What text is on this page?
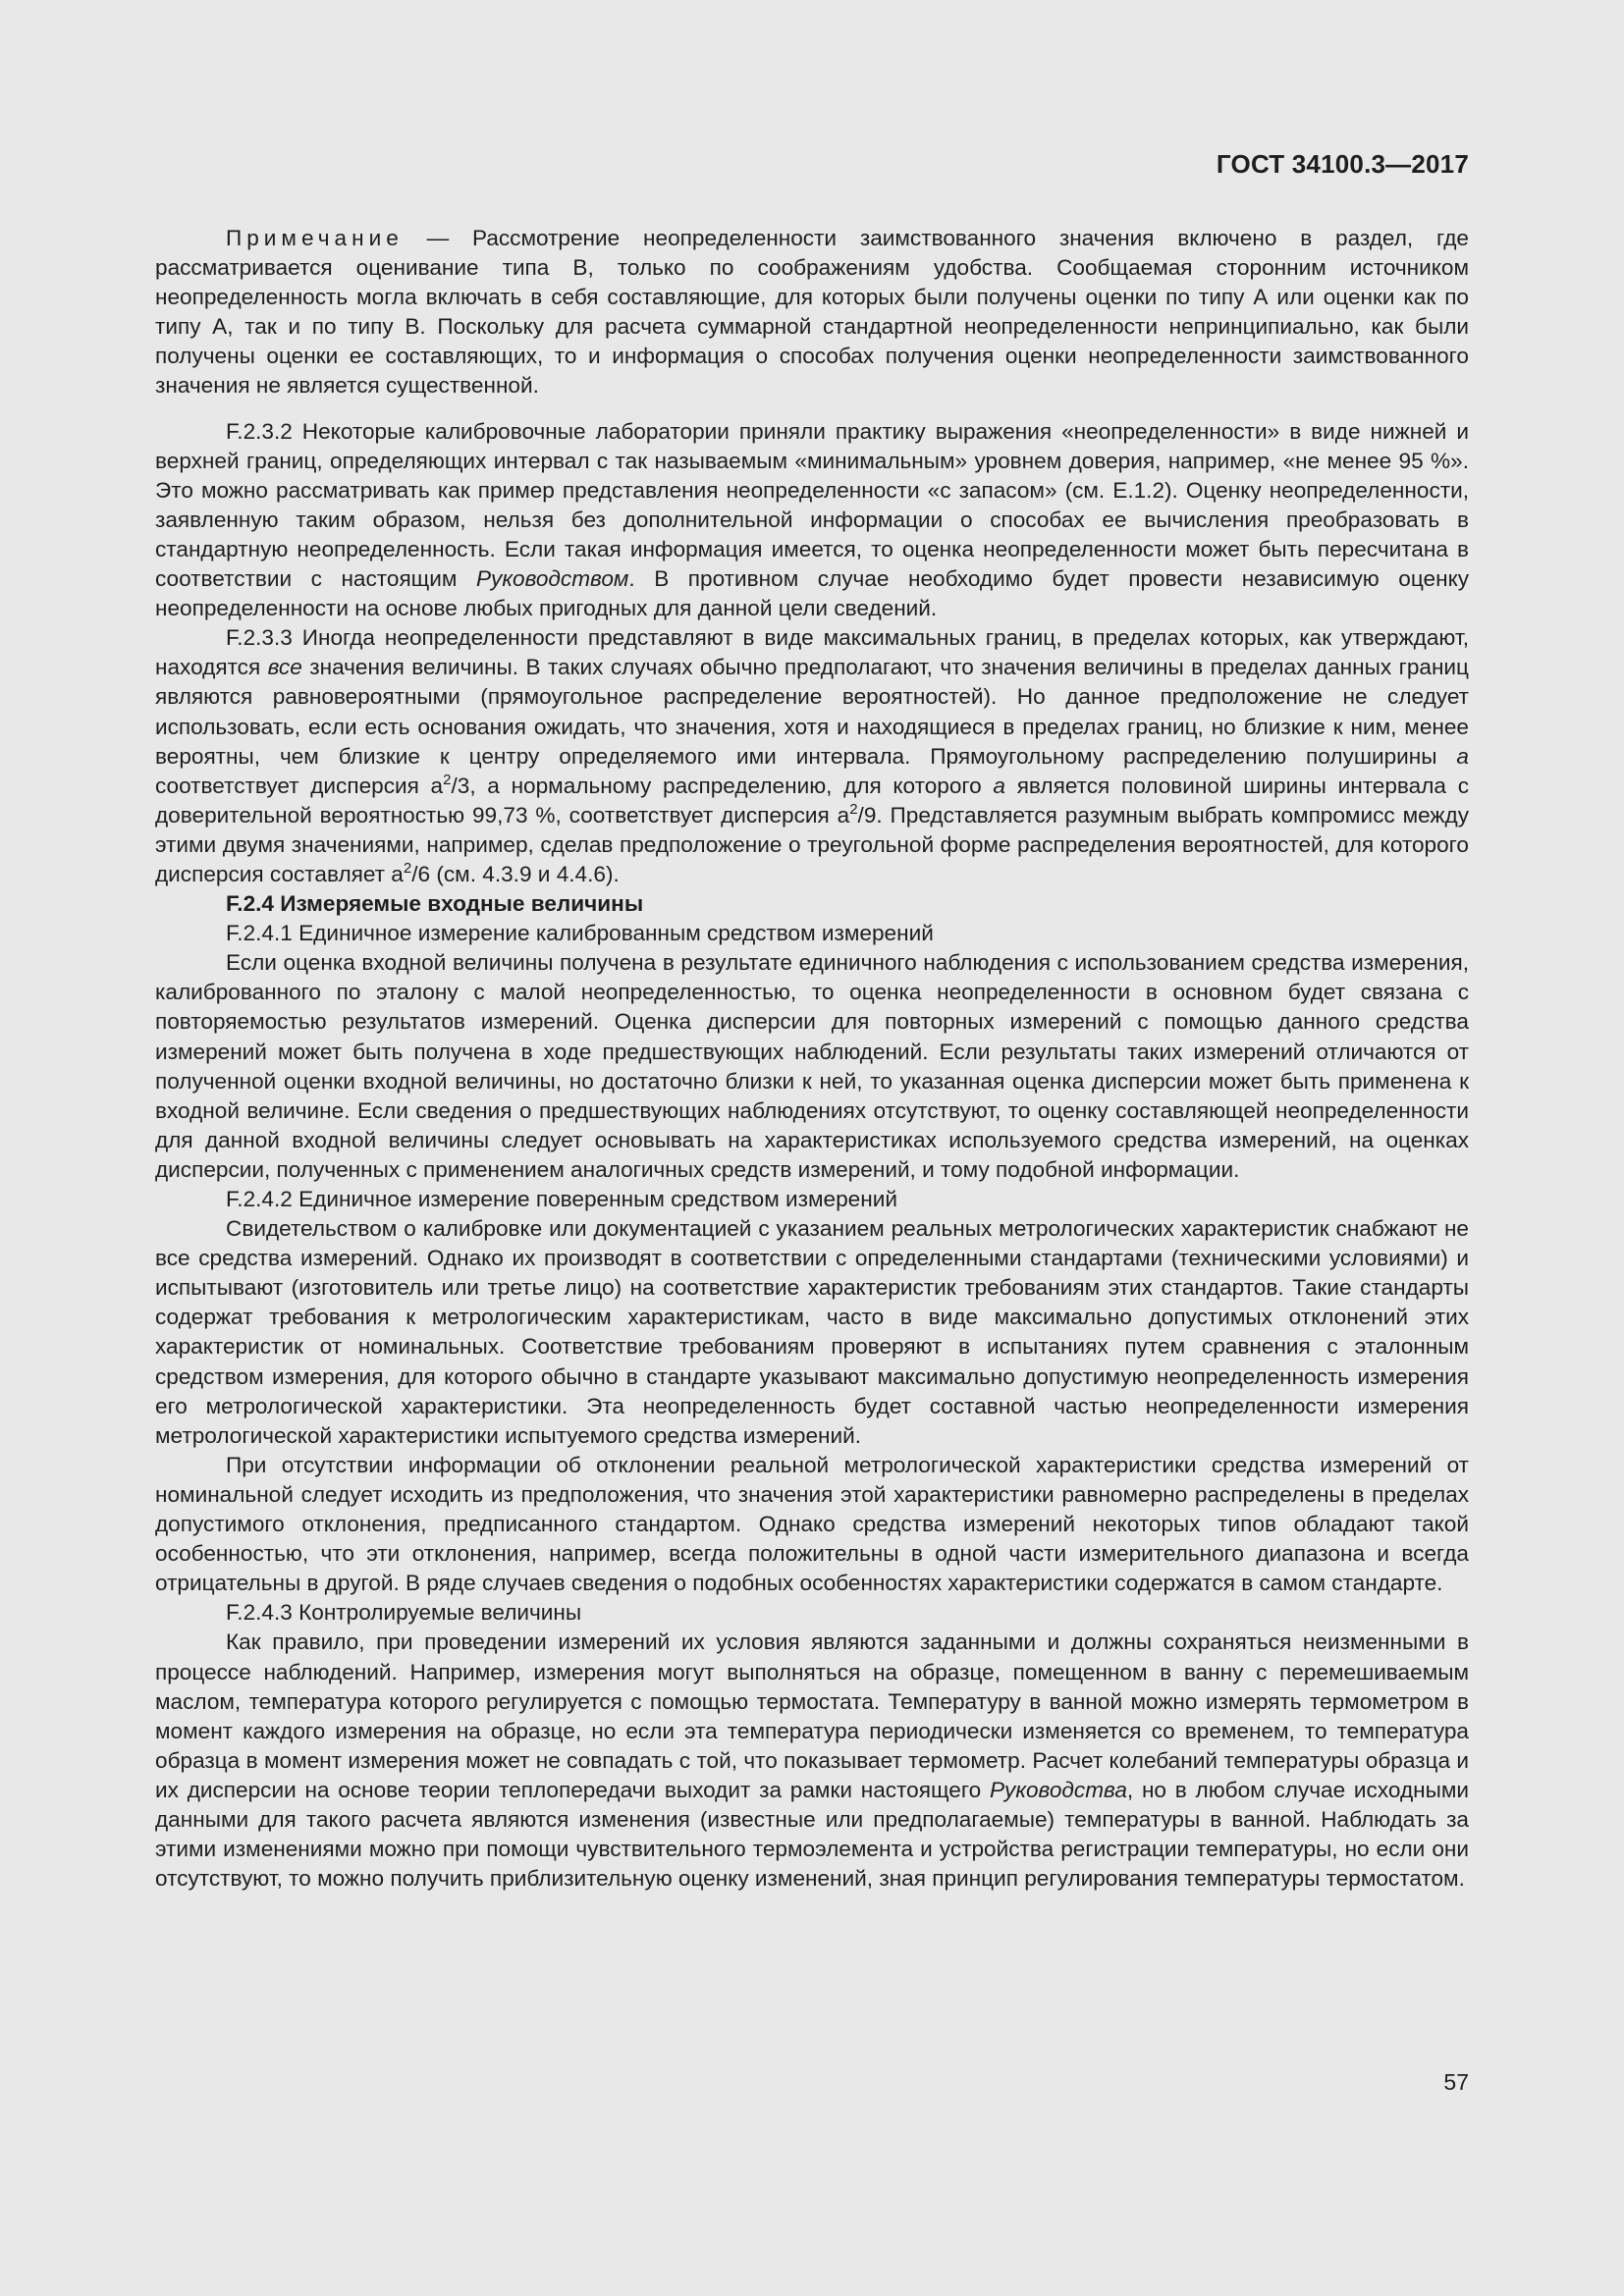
ГОСТ 34100.3—2017

Примечание — Рассмотрение неопределенности заимствованного значения включено в раздел, где рассматривается оценивание типа В, только по соображениям удобства. Сообщаемая сторонним источником неопределенность могла включать в себя составляющие, для которых были получены оценки по типу А или оценки как по типу А, так и по типу В. Поскольку для расчета суммарной стандартной неопределенности непринципиально, как были получены оценки ее составляющих, то и информация о способах получения оценки неопределенности заимствованного значения не является существенной.

F.2.3.2 Некоторые калибровочные лаборатории приняли практику выражения «неопределенности» в виде нижней и верхней границ, определяющих интервал с так называемым «минимальным» уровнем доверия, например, «не менее 95 %». Это можно рассматривать как пример представления неопределенности «с запасом» (см. Е.1.2). Оценку неопределенности, заявленную таким образом, нельзя без дополнительной информации о способах ее вычисления преобразовать в стандартную неопределенность. Если такая информация имеется, то оценка неопределенности может быть пересчитана в соответствии с настоящим Руководством. В противном случае необходимо будет провести независимую оценку неопределенности на основе любых пригодных для данной цели сведений.

F.2.3.3 Иногда неопределенности представляют в виде максимальных границ, в пределах которых, как утверждают, находятся все значения величины. В таких случаях обычно предполагают, что значения величины в пределах данных границ являются равновероятными (прямоугольное распределение вероятностей). Но данное предположение не следует использовать, если есть основания ожидать, что значения, хотя и находящиеся в пределах границ, но близкие к ним, менее вероятны, чем близкие к центру определяемого ими интервала. Прямоугольному распределению полуширины a соответствует дисперсия $а^2/3$, а нормальному распределению, для которого a является половиной ширины интервала с доверительной вероятностью 99,73 %, соответствует дисперсия $а^2/9$. Представляется разумным выбрать компромисс между этими двумя значениями, например, сделав предположение о треугольной форме распределения вероятностей, для которого дисперсия составляет $а^2/6$ (см. 4.3.9 и 4.4.6).

F.2.4 Измеряемые входные величины

F.2.4.1 Единичное измерение калиброванным средством измерений

Если оценка входной величины получена в результате единичного наблюдения с использованием средства измерения, калиброванного по эталону с малой неопределенностью, то оценка неопределенности в основном будет связана с повторяемостью результатов измерений. Оценка дисперсии для повторных измерений с помощью данного средства измерений может быть получена в ходе предшествующих наблюдений. Если результаты таких измерений отличаются от полученной оценки входной величины, но достаточно близки к ней, то указанная оценка дисперсии может быть применена к входной величине. Если сведения о предшествующих наблюдениях отсутствуют, то оценку составляющей неопределенности для данной входной величины следует основывать на характеристиках используемого средства измерений, на оценках дисперсии, полученных с применением аналогичных средств измерений, и тому подобной информации.

F.2.4.2 Единичное измерение поверенным средством измерений

Свидетельством о калибровке или документацией с указанием реальных метрологических характеристик снабжают не все средства измерений. Однако их производят в соответствии с определенными стандартами (техническими условиями) и испытывают (изготовитель или третье лицо) на соответствие характеристик требованиям этих стандартов. Такие стандарты содержат требования к метрологическим характеристикам, часто в виде максимально допустимых отклонений этих характеристик от номинальных. Соответствие требованиям проверяют в испытаниях путем сравнения с эталонным средством измерения, для которого обычно в стандарте указывают максимально допустимую неопределенность измерения его метрологической характеристики. Эта неопределенность будет составной частью неопределенности измерения метрологической характеристики испытуемого средства измерений.

При отсутствии информации об отклонении реальной метрологической характеристики средства измерений от номинальной следует исходить из предположения, что значения этой характеристики равномерно распределены в пределах допустимого отклонения, предписанного стандартом. Однако средства измерений некоторых типов обладают такой особенностью, что эти отклонения, например, всегда положительны в одной части измерительного диапазона и всегда отрицательны в другой. В ряде случаев сведения о подобных особенностях характеристики содержатся в самом стандарте.

F.2.4.3 Контролируемые величины

Как правило, при проведении измерений их условия являются заданными и должны сохраняться неизменными в процессе наблюдений. Например, измерения могут выполняться на образце, помещенном в ванну с перемешиваемым маслом, температура которого регулируется с помощью термостата. Температуру в ванной можно измерять термометром в момент каждого измерения на образце, но если эта температура периодически изменяется со временем, то температура образца в момент измерения может не совпадать с той, что показывает термометр. Расчет колебаний температуры образца и их дисперсии на основе теории теплопередачи выходит за рамки настоящего Руководства, но в любом случае исходными данными для такого расчета являются изменения (известные или предполагаемые) температуры в ванной. Наблюдать за этими изменениями можно при помощи чувствительного термоэлемента и устройства регистрации температуры, но если они отсутствуют, то можно получить приблизительную оценку изменений, зная принцип регулирования температуры термостатом.

57
